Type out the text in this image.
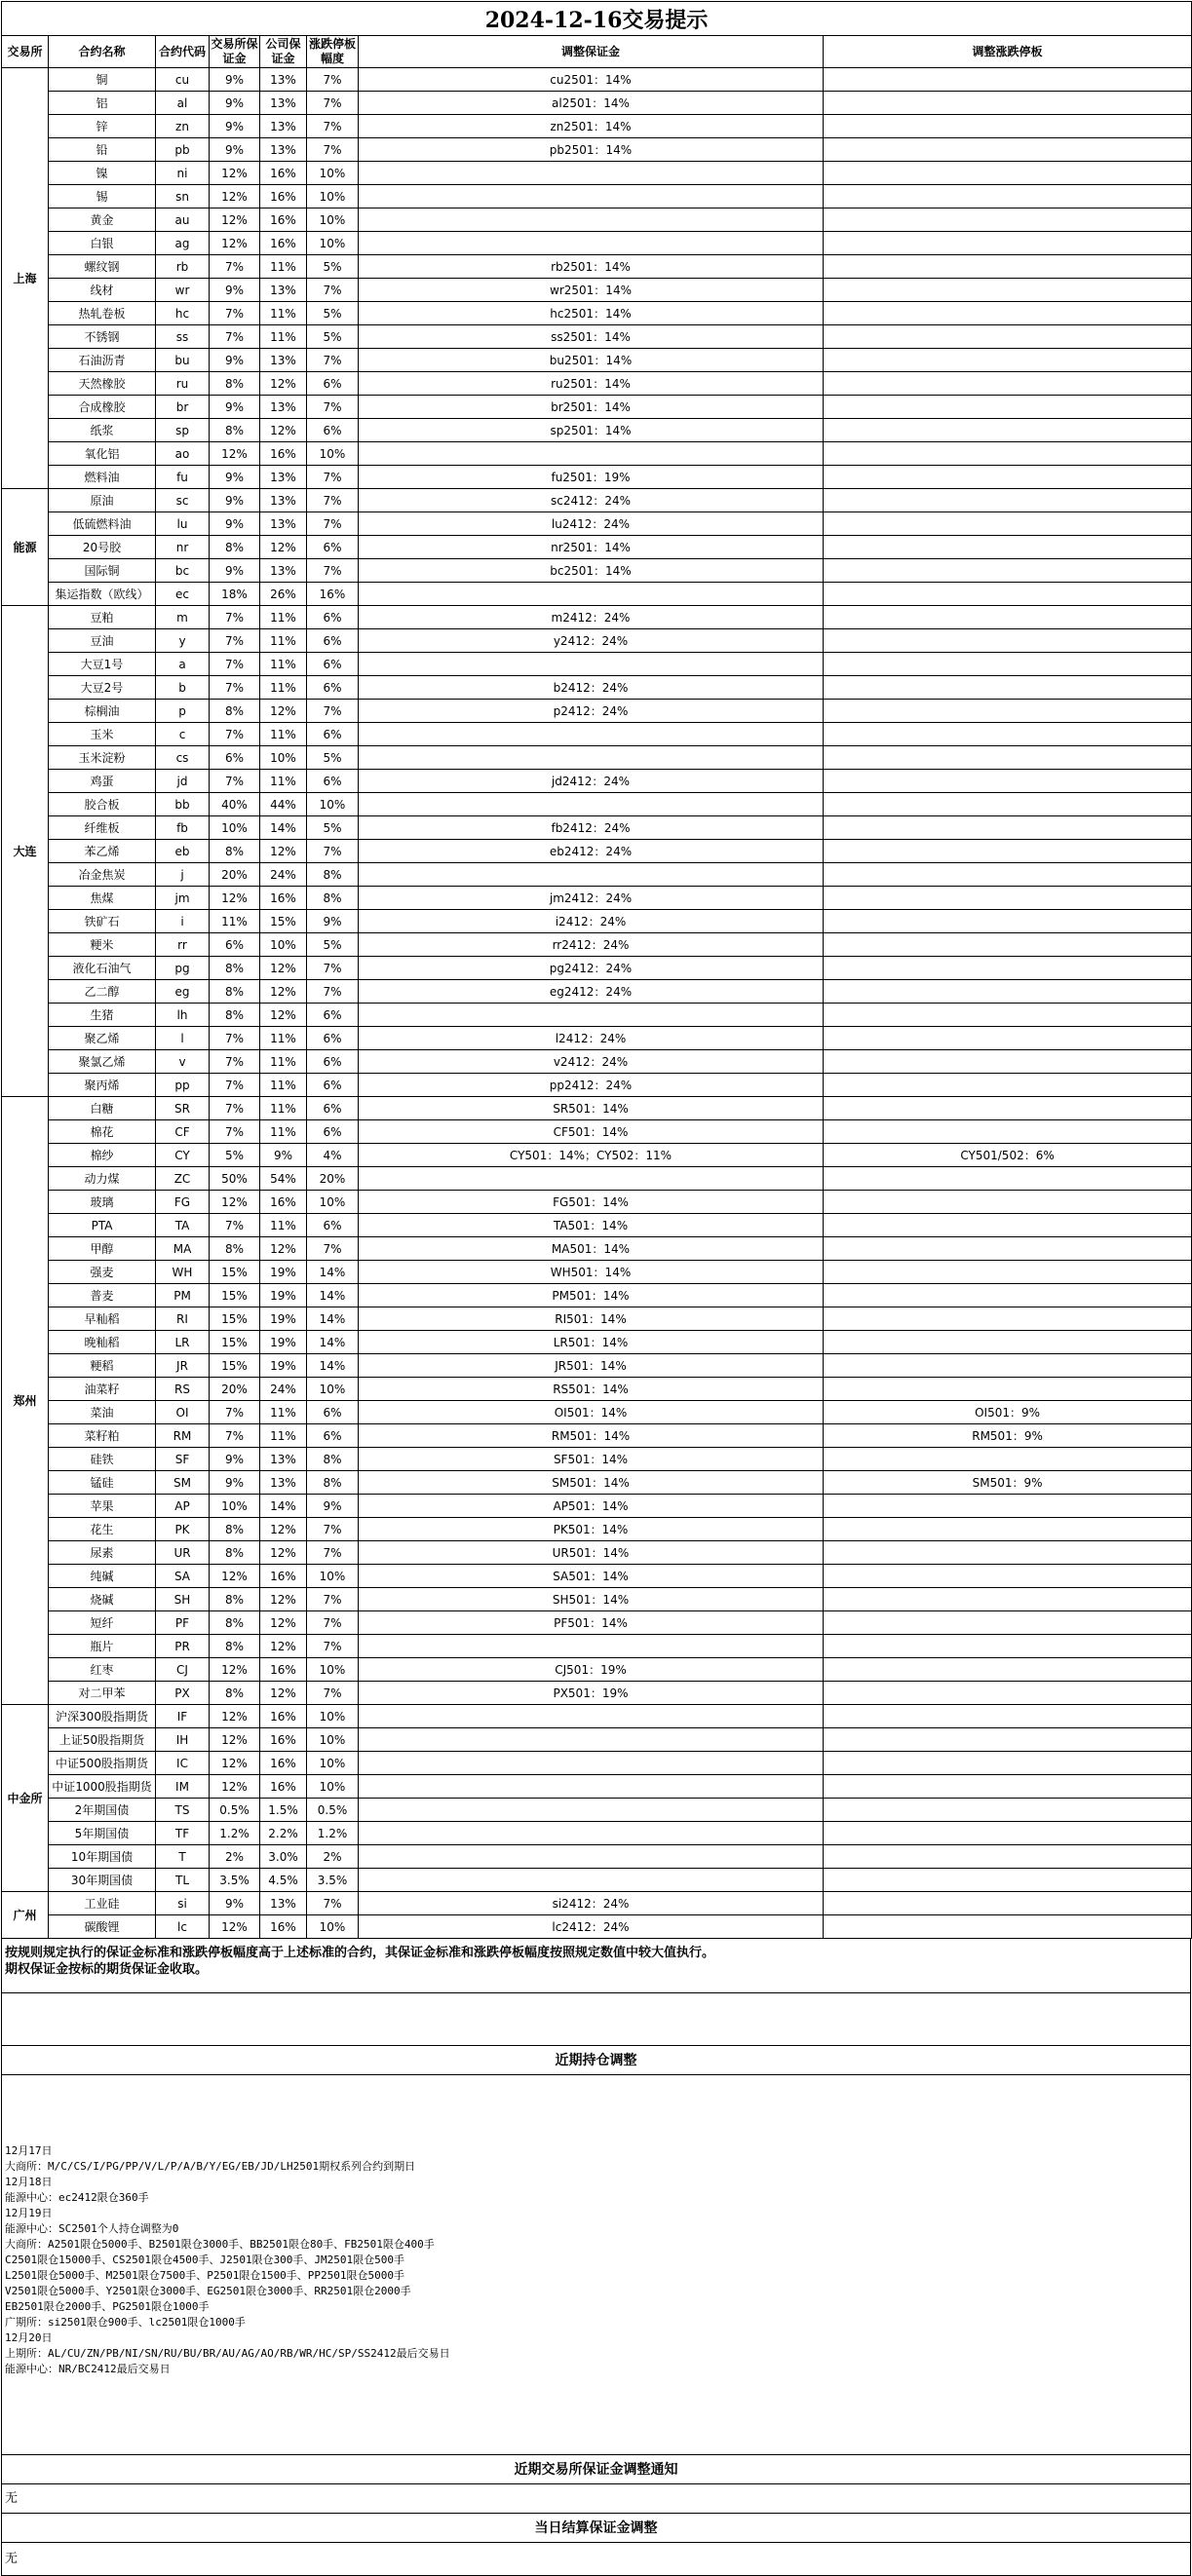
2024-12-16交易提示							
交易所	合约名称	合约代码	交易所保证金	公司保证金	涨跌停板幅度	调整保证金	调整涨跌停板
上海	铜	cu	9%	13%	7%	cu2501：14%	
	铝	al	9%	13%	7%	al2501：14%	
	锌	zn	9%	13%	7%	zn2501：14%	
	铅	pb	9%	13%	7%	pb2501：14%	
	镍	ni	12%	16%	10%		
	锡	sn	12%	16%	10%		
	黄金	au	12%	16%	10%		
	白银	ag	12%	16%	10%		
	螺纹钢	rb	7%	11%	5%	rb2501：14%	
	线材	wr	9%	13%	7%	wr2501：14%	
	热轧卷板	hc	7%	11%	5%	hc2501：14%	
	不锈钢	ss	7%	11%	5%	ss2501：14%	
	石油沥青	bu	9%	13%	7%	bu2501：14%	
	天然橡胶	ru	8%	12%	6%	ru2501：14%	
	合成橡胶	br	9%	13%	7%	br2501：14%	
	纸浆	sp	8%	12%	6%	sp2501：14%	
	氧化铝	ao	12%	16%	10%		
	燃料油	fu	9%	13%	7%	fu2501：19%	
能源	原油	sc	9%	13%	7%	sc2412：24%	
	低硫燃料油	lu	9%	13%	7%	lu2412：24%	
	20号胶	nr	8%	12%	6%	nr2501：14%	
	国际铜	bc	9%	13%	7%	bc2501：14%	
	集运指数（欧线）	ec	18%	26%	16%		
大连	豆粕	m	7%	11%	6%	m2412：24%	
	豆油	y	7%	11%	6%	y2412：24%	
	大豆1号	a	7%	11%	6%		
	大豆2号	b	7%	11%	6%	b2412：24%	
	棕榈油	p	8%	12%	7%	p2412：24%	
	玉米	c	7%	11%	6%		
	玉米淀粉	cs	6%	10%	5%		
	鸡蛋	jd	7%	11%	6%	jd2412：24%	
	胶合板	bb	40%	44%	10%		
	纤维板	fb	10%	14%	5%	fb2412：24%	
	苯乙烯	eb	8%	12%	7%	eb2412：24%	
	冶金焦炭	j	20%	24%	8%		
	焦煤	jm	12%	16%	8%	jm2412：24%	
	铁矿石	i	11%	15%	9%	i2412：24%	
	粳米	rr	6%	10%	5%	rr2412：24%	
	液化石油气	pg	8%	12%	7%	pg2412：24%	
	乙二醇	eg	8%	12%	7%	eg2412：24%	
	生猪	lh	8%	12%	6%		
	聚乙烯	l	7%	11%	6%	l2412：24%	
	聚氯乙烯	v	7%	11%	6%	v2412：24%	
	聚丙烯	pp	7%	11%	6%	pp2412：24%	
郑州	白糖	SR	7%	11%	6%	SR501：14%	
	棉花	CF	7%	11%	6%	CF501：14%	
	棉纱	CY	5%	9%	4%	CY501：14%；CY502：11%	CY501/502：6%
	动力煤	ZC	50%	54%	20%		
	玻璃	FG	12%	16%	10%	FG501：14%	
	PTA	TA	7%	11%	6%	TA501：14%	
	甲醇	MA	8%	12%	7%	MA501：14%	
	强麦	WH	15%	19%	14%	WH501：14%	
	普麦	PM	15%	19%	14%	PM501：14%	
	早籼稻	RI	15%	19%	14%	RI501：14%	
	晚籼稻	LR	15%	19%	14%	LR501：14%	
	粳稻	JR	15%	19%	14%	JR501：14%	
	油菜籽	RS	20%	24%	10%	RS501：14%	
	菜油	OI	7%	11%	6%	OI501：14%	OI501：9%
	菜籽粕	RM	7%	11%	6%	RM501：14%	RM501：9%
	硅铁	SF	9%	13%	8%	SF501：14%	
	锰硅	SM	9%	13%	8%	SM501：14%	SM501：9%
	苹果	AP	10%	14%	9%	AP501：14%	
	花生	PK	8%	12%	7%	PK501：14%	
	尿素	UR	8%	12%	7%	UR501：14%	
	纯碱	SA	12%	16%	10%	SA501：14%	
	烧碱	SH	8%	12%	7%	SH501：14%	
	短纤	PF	8%	12%	7%	PF501：14%	
	瓶片	PR	8%	12%	7%		
	红枣	CJ	12%	16%	10%	CJ501：19%	
	对二甲苯	PX	8%	12%	7%	PX501：19%	
中金所	沪深300股指期货	IF	12%	16%	10%		
	上证50股指期货	IH	12%	16%	10%		
	中证500股指期货	IC	12%	16%	10%		
	中证1000股指期货	IM	12%	16%	10%		
	2年期国债	TS	0.5%	1.5%	0.5%		
	5年期国债	TF	1.2%	2.2%	1.2%		
	10年期国债	T	2%	3.0%	2%		
	30年期国债	TL	3.5%	4.5%	3.5%		
广州	工业硅	si	9%	13%	7%	si2412：24%	
	碳酸锂	lc	12%	16%	10%	lc2412：24%	
按规则规定执行的保证金标准和涨跌停板幅度高于上述标准的合约，其保证金标准和涨跌停板幅度按照规定数值中较大值执行。
期权保证金按标的期货保证金收取。
近期持仓调整
12月17日
大商所：M/C/CS/I/PG/PP/V/L/P/A/B/Y/EG/EB/JD/LH2501期权系列合约到期日
12月18日
能源中心：ec2412限仓360手
12月19日
能源中心：SC2501个人持仓调整为0
大商所：A2501限仓5000手、B2501限仓3000手、BB2501限仓80手、FB2501限仓400手
C2501限仓15000手、CS2501限仓4500手、J2501限仓300手、JM2501限仓500手
L2501限仓5000手、M2501限仓7500手、P2501限仓1500手、PP2501限仓5000手
V2501限仓5000手、Y2501限仓3000手、EG2501限仓3000手、RR2501限仓2000手
EB2501限仓2000手、PG2501限仓1000手
广期所：si2501限仓900手、lc2501限仓1000手
12月20日
上期所：AL/CU/ZN/PB/NI/SN/RU/BU/BR/AU/AG/AO/RB/WR/HC/SP/SS2412最后交易日
能源中心：NR/BC2412最后交易日
近期交易所保证金调整通知
无
当日结算保证金调整
无
